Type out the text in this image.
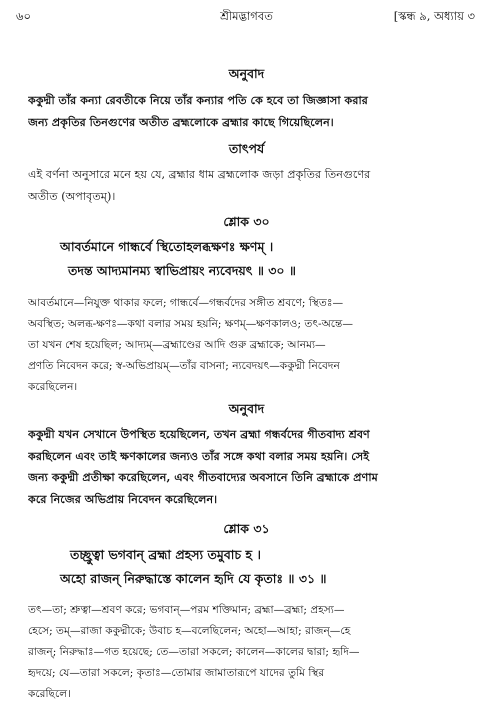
৬০	শ্রীমদ্ভাগবত	[স্কন্ধ ৯, অধ্যায় ৩
অনুবাদ
ককুদ্মী তাঁর কন্যা রেবতীকে নিয়ে তাঁর কন্যার পতি কে হবে তা জিজ্ঞাসা করার
জন্য প্রকৃতির তিনগুণের অতীত ব্রহ্মলোকে ব্রহ্মার কাছে গিয়েছিলেন।
তাৎপর্য
এই বর্ণনা অনুসারে মনে হয় যে, ব্রহ্মার ধাম ব্রহ্মলোক জড়া প্রকৃতির তিনগুণের
অতীত (অপাবৃতম্)।
শ্লোক ৩০
আবর্তমানে গান্ধর্বে স্থিতোহলব্ধক্ষণঃ ক্ষণম্ ।
তদন্ত আদ্যমানম্য স্বাভিপ্রায়ং ন্যবেদয়ৎ ॥ ৩০ ॥
আবর্তমানে—নিযুক্ত থাকার ফলে; গান্ধর্বে—গন্ধর্বদের সঙ্গীত শ্রবণে; স্থিতঃ—
অবস্থিত; অলব্ধ-ক্ষণঃ—কথা বলার সময় হয়নি; ক্ষণম্—ক্ষণকালও; তৎ-অন্তে—
তা যখন শেষ হয়েছিল; আদ্যম্—ব্রহ্মাণ্ডের আদি গুরু ব্রহ্মাকে; আনম্য—
প্রণতি নিবেদন করে; স্ব-অভিপ্রায়ম্—তাঁর বাসনা; ন্যবেদয়ৎ—ককুদ্মী নিবেদন
করেছিলেন।
অনুবাদ
ককুদ্মী যখন সেখানে উপস্থিত হয়েছিলেন, তখন ব্রহ্মা গন্ধর্বদের গীতবাদ্য শ্রবণ
করছিলেন এবং তাই ক্ষণকালের জন্যও তাঁর সঙ্গে কথা বলার সময় হয়নি। সেই
জন্য ককুদ্মী প্রতীক্ষা করেছিলেন, এবং গীতবাদ্যের অবসানে তিনি ব্রহ্মাকে প্রণাম
করে নিজের অভিপ্রায় নিবেদন করেছিলেন।
শ্লোক ৩১
তচ্ছ্রুত্বা ভগবান্ ব্রহ্মা প্রহস্য তমুবাচ হ ।
অহো রাজন্ নিরুদ্ধাস্তে কালেন হৃদি যে কৃতাঃ ॥ ৩১ ॥
তৎ—তা; শ্রুত্বা—শ্রবণ করে; ভগবান্—পরম শক্তিমান; ব্রহ্মা—ব্রহ্মা; প্রহস্য—
হেসে; তম্—রাজা ককুদ্মীকে; উবাচ হ—বলেছিলেন; অহো—আহা; রাজন্—হে
রাজন্; নিরুদ্ধাঃ—গত হয়েছে; তে—তারা সকলে; কালেন—কালের দ্বারা; হৃদি—
হৃদয়ে; যে—তারা সকলে; কৃতাঃ—তোমার জামাতারূপে যাদের তুমি স্থির
করেছিলে।
